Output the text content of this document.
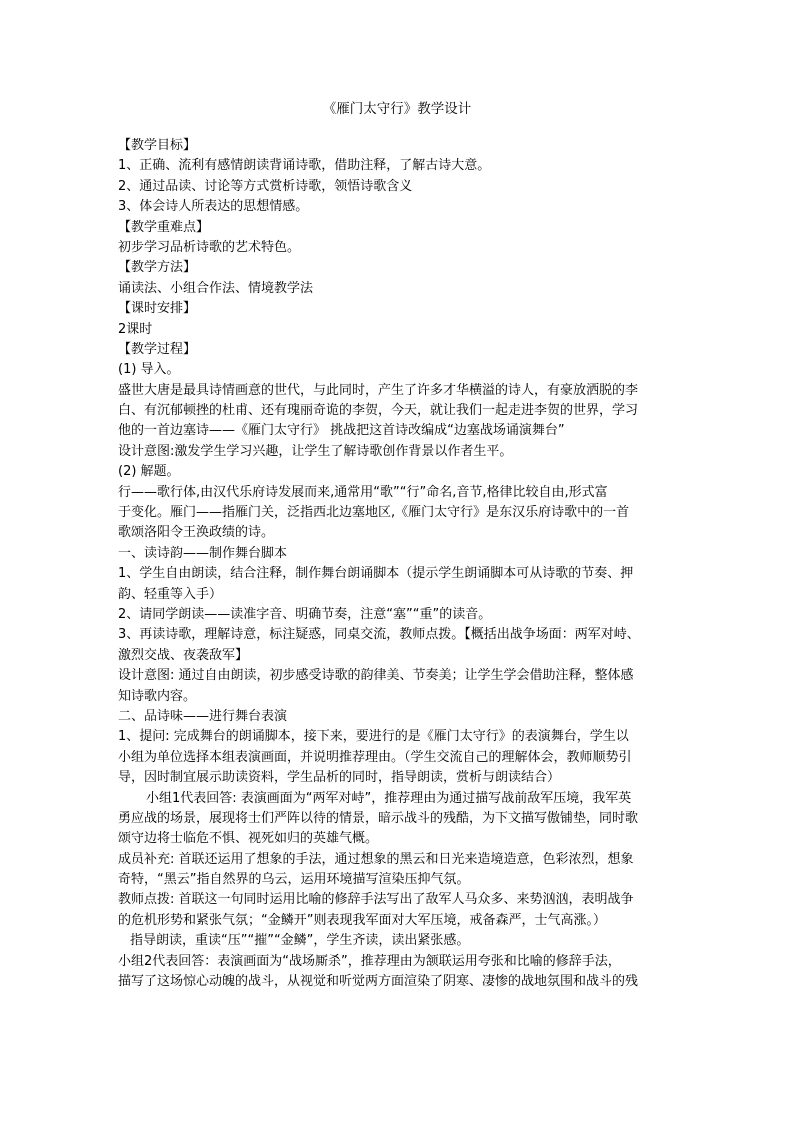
《雁门太守行》教学设计
【教学目标】
1、正确、流利有感情朗读背诵诗歌，借助注释，了解古诗大意。
2、通过品读、讨论等方式赏析诗歌，领悟诗歌含义
3、体会诗人所表达的思想情感。
【教学重难点】
初步学习品析诗歌的艺术特色。
【教学方法】
诵读法、小组合作法、情境教学法
【课时安排】
2课时
【教学过程】
(1) 导入。
盛世大唐是最具诗情画意的世代，与此同时，产生了许多才华横溢的诗人，有豪放洒脱的李
白、有沉郁顿挫的杜甫、还有瑰丽奇诡的李贺，今天，就让我们一起走进李贺的世界，学习
他的一首边塞诗——《雁门太守行》 挑战把这首诗改编成“边塞战场诵演舞台”
设计意图:激发学生学习兴趣，让学生了解诗歌创作背景以作者生平。
(2) 解题。
行——歌行体,由汉代乐府诗发展而来,通常用“歌”“行”命名,音节,格律比较自由,形式富
于变化。雁门——指雁门关，泛指西北边塞地区,《雁门太守行》是东汉乐府诗歌中的一首
歌颂洛阳令王涣政绩的诗。
一、读诗韵——制作舞台脚本
1、学生自由朗读，结合注释，制作舞台朗诵脚本（提示学生朗诵脚本可从诗歌的节奏、押
韵、轻重等入手）
2、请同学朗读——读准字音、明确节奏，注意“塞”“重”的读音。
3、再读诗歌，理解诗意，标注疑惑，同桌交流，教师点拨。【概括出战争场面：两军对峙、
激烈交战、夜袭敌军】
设计意图: 通过自由朗读，初步感受诗歌的韵律美、节奏美；让学生学会借助注释，整体感
知诗歌内容。
二、品诗味——进行舞台表演
1、提问: 完成舞台的朗诵脚本，接下来，要进行的是《雁门太守行》的表演舞台，学生以
小组为单位选择本组表演画面，并说明推荐理由。（学生交流自己的理解体会，教师顺势引
导，因时制宜展示助读资料，学生品析的同时，指导朗读，赏析与朗读结合）
小组1代表回答: 表演画面为“两军对峙”，推荐理由为通过描写战前敌军压境，我军英
勇应战的场景，展现将士们严阵以待的情景，暗示战斗的残酷，为下文描写傲铺垫，同时歌
颂守边将士临危不惧、视死如归的英雄气概。
成员补充: 首联还运用了想象的手法，通过想象的黑云和日光来造境造意，色彩浓烈，想象
奇特，“黑云”指自然界的乌云，运用环境描写渲染压抑气氛。
教师点拨: 首联这一句同时运用比喻的修辞手法写出了敌军人马众多、来势汹汹，表明战争
的危机形势和紧张气氛；“金鳞开”则表现我军面对大军压境，戒备森严，士气高涨。）
指导朗读，重读“压”“摧”“金鳞”，学生齐读，读出紧张感。
小组2代表回答：表演画面为“战场厮杀”，推荐理由为颔联运用夸张和比喻的修辞手法，
描写了这场惊心动魄的战斗，从视觉和听觉两方面渲染了阴寒、凄惨的战地氛围和战斗的残
